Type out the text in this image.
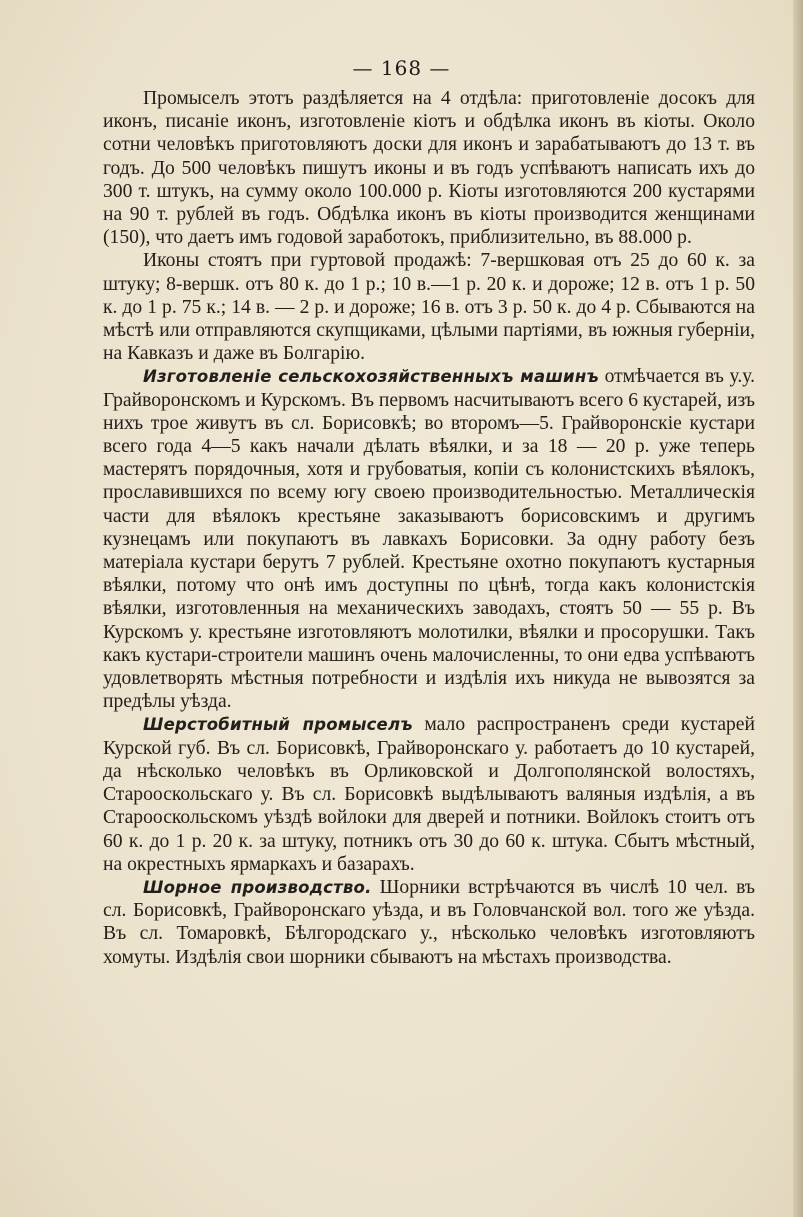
— 168 —

Промыселъ этотъ раздѣляется на 4 отдѣла: приготовленіе досокъ для иконъ, писаніе иконъ, изготовленіе кіотъ и обдѣлка иконъ въ кіоты. Около сотни человѣкъ приготовляютъ доски для иконъ и зарабатываютъ до 13 т. въ годъ. До 500 человѣкъ пишутъ иконы и въ годъ успѣваютъ написать ихъ до 300 т. штукъ, на сумму около 100.000 р. Кіоты изготовляются 200 кустарями на 90 т. рублей въ годъ. Обдѣлка иконъ въ кіоты производится женщинами (150), что даетъ имъ годовой заработокъ, приблизительно, въ 88.000 р.

Иконы стоятъ при гуртовой продажѣ: 7-вершковая отъ 25 до 60 к. за штуку; 8-вершк. отъ 80 к. до 1 р.; 10 в.—1 р. 20 к. и дороже; 12 в. отъ 1 р. 50 к. до 1 р. 75 к.; 14 в. — 2 р. и дороже; 16 в. отъ 3 р. 50 к. до 4 р. Сбываются на мѣстѣ или отправляются скупщиками, цѣлыми партіями, въ южныя губерніи, на Кавказъ и даже въ Болгарію.

Изготовленіе сельскохозяйственныхъ машинъ отмѣчается въ у.у. Грайворонскомъ и Курскомъ. Въ первомъ насчитываютъ всего 6 кустарей, изъ нихъ трое живутъ въ сл. Борисовкѣ; во второмъ—5. Грайворонскіе кустари всего года 4—5 какъ начали дѣлать вѣялки, и за 18 — 20 р. уже теперь мастерятъ порядочныя, хотя и грубоватыя, копіи съ колонистскихъ вѣялокъ, прославившихся по всему югу своею производительностью. Металлическія части для вѣялокъ крестьяне заказываютъ борисовскимъ и другимъ кузнецамъ или покупаютъ въ лавкахъ Борисовки. За одну работу безъ матеріала кустари берутъ 7 рублей. Крестьяне охотно покупаютъ кустарныя вѣялки, потому что онѣ имъ доступны по цѣнѣ, тогда какъ колонистскія вѣялки, изготовленныя на механическихъ заводахъ, стоятъ 50 — 55 р. Въ Курскомъ у. крестьяне изготовляютъ молотилки, вѣялки и просорушки. Такъ какъ кустари-строители машинъ очень малочисленны, то они едва успѣваютъ удовлетворять мѣстныя потребности и издѣлія ихъ никуда не вывозятся за предѣлы уѣзда.

Шерстобитный промыселъ мало распространенъ среди кустарей Курской губ. Въ сл. Борисовкѣ, Грайворонскаго у. работаетъ до 10 кустарей, да нѣсколько человѣкъ въ Орликовской и Долгополянской волостяхъ, Старооскольскаго у. Въ сл. Борисовкѣ выдѣлываютъ валяныя издѣлія, а въ Старооскольскомъ уѣздѣ войлоки для дверей и потники. Войлокъ стоитъ отъ 60 к. до 1 р. 20 к. за штуку, потникъ отъ 30 до 60 к. штука. Сбытъ мѣстный, на окрестныхъ ярмаркахъ и базарахъ.

Шорное производство. Шорники встрѣчаются въ числѣ 10 чел. въ сл. Борисовкѣ, Грайворонскаго уѣзда, и въ Головчанской вол. того же уѣзда. Въ сл. Томаровкѣ, Бѣлгородскаго у., нѣсколько человѣкъ изготовляютъ хомуты. Издѣлія свои шорники сбываютъ на мѣстахъ производства.
